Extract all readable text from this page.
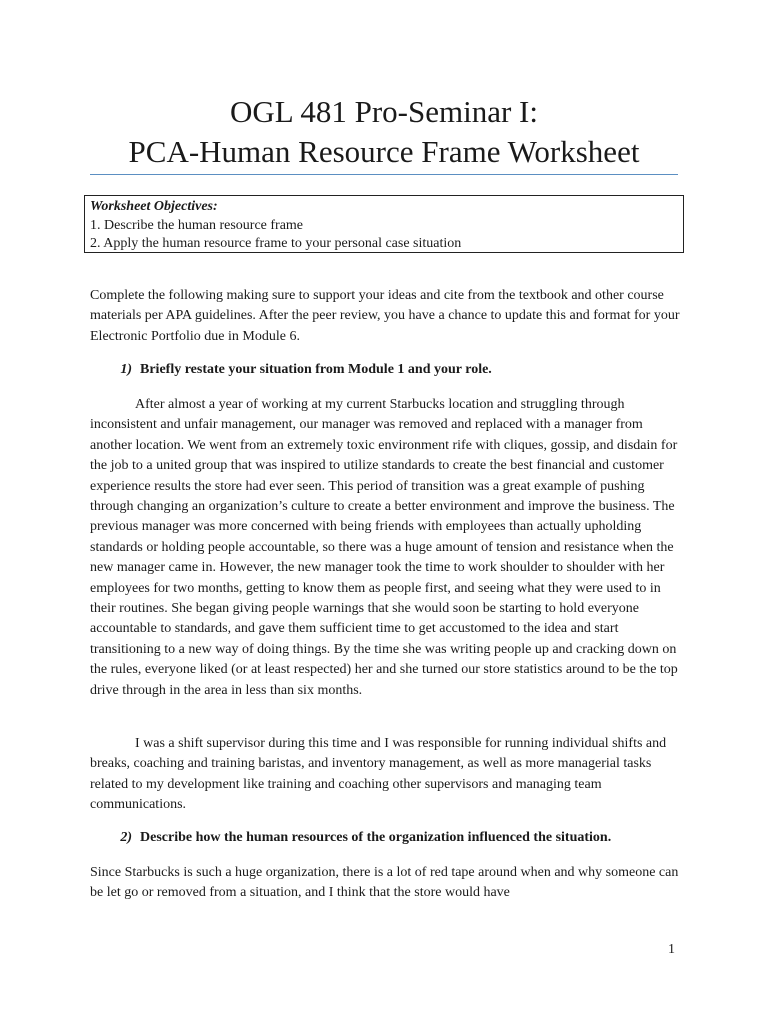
OGL 481 Pro-Seminar I:
PCA-Human Resource Frame Worksheet
Worksheet Objectives:
1. Describe the human resource frame
2. Apply the human resource frame to your personal case situation
Complete the following making sure to support your ideas and cite from the textbook and other course materials per APA guidelines. After the peer review, you have a chance to update this and format for your Electronic Portfolio due in Module 6.
1) Briefly restate your situation from Module 1 and your role.
After almost a year of working at my current Starbucks location and struggling through inconsistent and unfair management, our manager was removed and replaced with a manager from another location. We went from an extremely toxic environment rife with cliques, gossip, and disdain for the job to a united group that was inspired to utilize standards to create the best financial and customer experience results the store had ever seen. This period of transition was a great example of pushing through changing an organization’s culture to create a better environment and improve the business. The previous manager was more concerned with being friends with employees than actually upholding standards or holding people accountable, so there was a huge amount of tension and resistance when the new manager came in. However, the new manager took the time to work shoulder to shoulder with her employees for two months, getting to know them as people first, and seeing what they were used to in their routines. She began giving people warnings that she would soon be starting to hold everyone accountable to standards, and gave them sufficient time to get accustomed to the idea and start transitioning to a new way of doing things. By the time she was writing people up and cracking down on the rules, everyone liked (or at least respected) her and she turned our store statistics around to be the top drive through in the area in less than six months.
I was a shift supervisor during this time and I was responsible for running individual shifts and breaks, coaching and training baristas, and inventory management, as well as more managerial tasks related to my development like training and coaching other supervisors and managing team communications.
2) Describe how the human resources of the organization influenced the situation.
Since Starbucks is such a huge organization, there is a lot of red tape around when and why someone can be let go or removed from a situation, and I think that the store would have
1
